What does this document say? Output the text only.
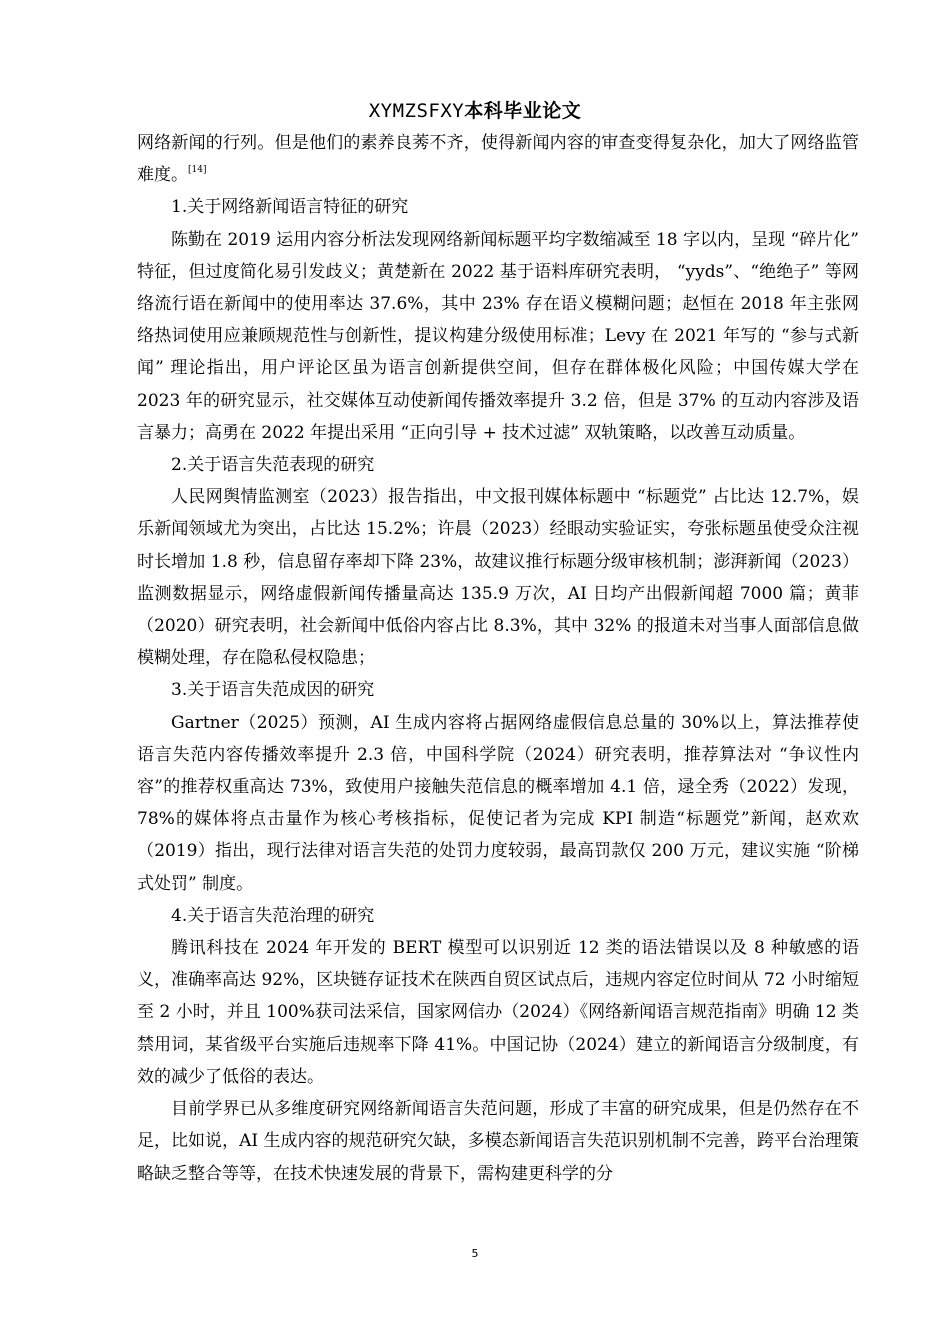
XYMZSFXY本科毕业论文

网络新闻的行列。但是他们的素养良莠不齐，使得新闻内容的审查变得复杂化，加大了网络监管难度。[14]

1.关于网络新闻语言特征的研究

陈勤在 2019 运用内容分析法发现网络新闻标题平均字数缩减至 18 字以内，呈现 “碎片化” 特征，但过度简化易引发歧义；黄楚新在 2022 基于语料库研究表明， “yyds”、“绝绝子” 等网络流行语在新闻中的使用率达 37.6%，其中 23% 存在语义模糊问题；赵恒在 2018 年主张网络热词使用应兼顾规范性与创新性，提议构建分级使用标准；Levy 在 2021 年写的 “参与式新闻” 理论指出，用户评论区虽为语言创新提供空间，但存在群体极化风险；中国传媒大学在 2023 年的研究显示，社交媒体互动使新闻传播效率提升 3.2 倍，但是 37% 的互动内容涉及语言暴力；高勇在 2022 年提出采用 “正向引导 + 技术过滤” 双轨策略，以改善互动质量。

2.关于语言失范表现的研究

人民网舆情监测室（2023）报告指出，中文报刊媒体标题中 “标题党” 占比达 12.7%，娱乐新闻领域尤为突出，占比达 15.2%；许晨（2023）经眼动实验证实，夸张标题虽使受众注视时长增加 1.8 秒，信息留存率却下降 23%，故建议推行标题分级审核机制；澎湃新闻（2023）监测数据显示，网络虚假新闻传播量高达 135.9 万次，AI 日均产出假新闻超 7000 篇；黄菲（2020）研究表明，社会新闻中低俗内容占比 8.3%，其中 32% 的报道未对当事人面部信息做模糊处理，存在隐私侵权隐患；

3.关于语言失范成因的研究

Gartner（2025）预测，AI 生成内容将占据网络虚假信息总量的 30%以上，算法推荐使语言失范内容传播效率提升 2.3 倍，中国科学院（2024）研究表明，推荐算法对 “争议性内容”的推荐权重高达 73%，致使用户接触失范信息的概率增加 4.1 倍，逯全秀（2022）发现，78%的媒体将点击量作为核心考核指标，促使记者为完成 KPI 制造“标题党”新闻，赵欢欢（2019）指出，现行法律对语言失范的处罚力度较弱，最高罚款仅 200 万元，建议实施 “阶梯式处罚” 制度。

4.关于语言失范治理的研究

腾讯科技在 2024 年开发的 BERT 模型可以识别近 12 类的语法错误以及 8 种敏感的语义，准确率高达 92%，区块链存证技术在陕西自贸区试点后，违规内容定位时间从 72 小时缩短至 2 小时，并且 100%获司法采信，国家网信办（2024）《网络新闻语言规范指南》明确 12 类禁用词，某省级平台实施后违规率下降 41%。中国记协（2024）建立的新闻语言分级制度，有效的减少了低俗的表达。

目前学界已从多维度研究网络新闻语言失范问题，形成了丰富的研究成果，但是仍然存在不足，比如说，AI 生成内容的规范研究欠缺，多模态新闻语言失范识别机制不完善，跨平台治理策略缺乏整合等等，在技术快速发展的背景下，需构建更科学的分

5
